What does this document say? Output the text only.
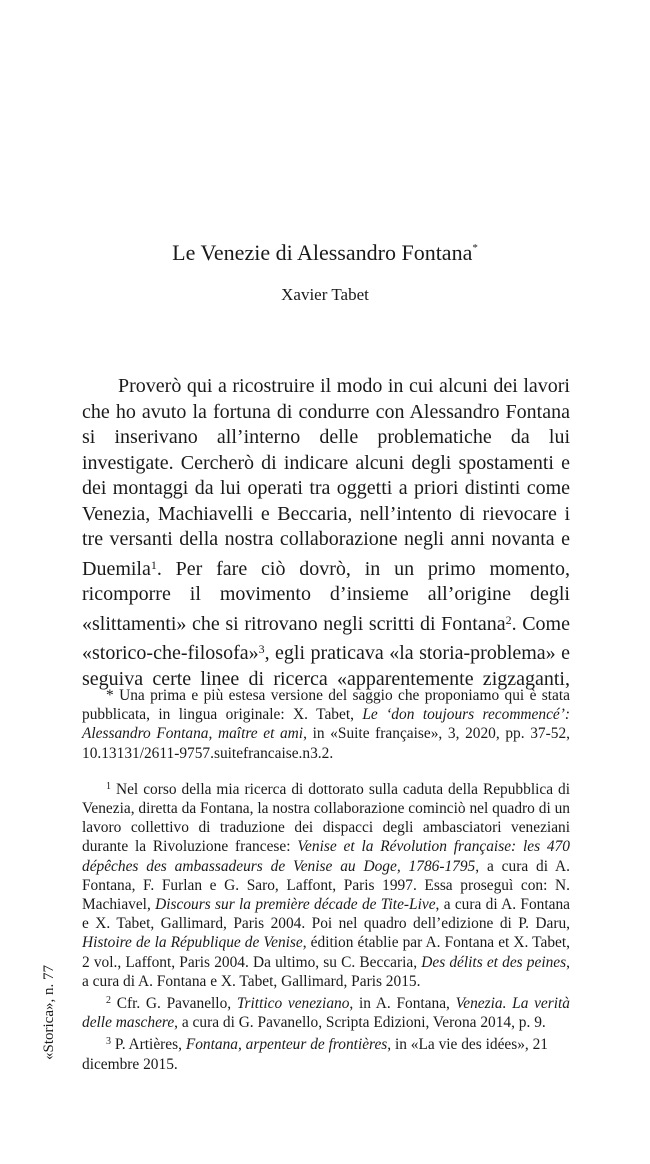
Le Venezie di Alessandro Fontana*
Xavier Tabet

Proverò qui a ricostruire il modo in cui alcuni dei lavori che ho avuto la fortuna di condurre con Alessandro Fontana si inserivano all’interno delle problematiche da lui investigate. Cercherò di indicare alcuni degli spostamenti e dei montaggi da lui operati tra oggetti a priori distinti come Venezia, Machiavelli e Beccaria, nell’intento di rievocare i tre versanti della nostra collaborazione negli anni novanta e Duemila$^1$. Per fare ciò dovrò, in un primo momento, ricomporre il movimento d’insieme all’origine degli «slittamenti» che si ritrovano negli scritti di Fontana$^2$. Come «storico-che-filosofa»$^3$, egli praticava «la storia-problema» e seguiva certe linee di ricerca «apparentemente zigzaganti,

* Una prima e più estesa versione del saggio che proponiamo qui è stata pubblicata, in lingua originale: X. Tabet, Le ‘don toujours recommencé’: Alessandro Fontana, maître et ami, in «Suite française», 3, 2020, pp. 37-52, 10.13131/2611-9757.suitefrancaise.n3.2.

$^1$ Nel corso della mia ricerca di dottorato sulla caduta della Repubblica di Venezia, diretta da Fontana, la nostra collaborazione cominciò nel quadro di un lavoro collettivo di traduzione dei dispacci degli ambasciatori veneziani durante la Rivoluzione francese: Venise et la Révolution française: les 470 dépêches des ambassadeurs de Venise au Doge, 1786-1795, a cura di A. Fontana, F. Furlan e G. Saro, Laffont, Paris 1997. Essa proseguì con: N. Machiavel, Discours sur la première décade de Tite-Live, a cura di A. Fontana e X. Tabet, Gallimard, Paris 2004. Poi nel quadro dell’edizione di P. Daru, Histoire de la République de Venise, édition établie par A. Fontana et X. Tabet, 2 vol., Laffont, Paris 2004. Da ultimo, su C. Beccaria, Des délits et des peines, a cura di A. Fontana e X. Tabet, Gallimard, Paris 2015.

$^2$ Cfr. G. Pavanello, Trittico veneziano, in A. Fontana, Venezia. La verità delle maschere, a cura di G. Pavanello, Scripta Edizioni, Verona 2014, p. 9.

$^3$ P. Artières, Fontana, arpenteur de frontières, in «La vie des idées», 21 dicembre 2015.

«Storica», n. 77
